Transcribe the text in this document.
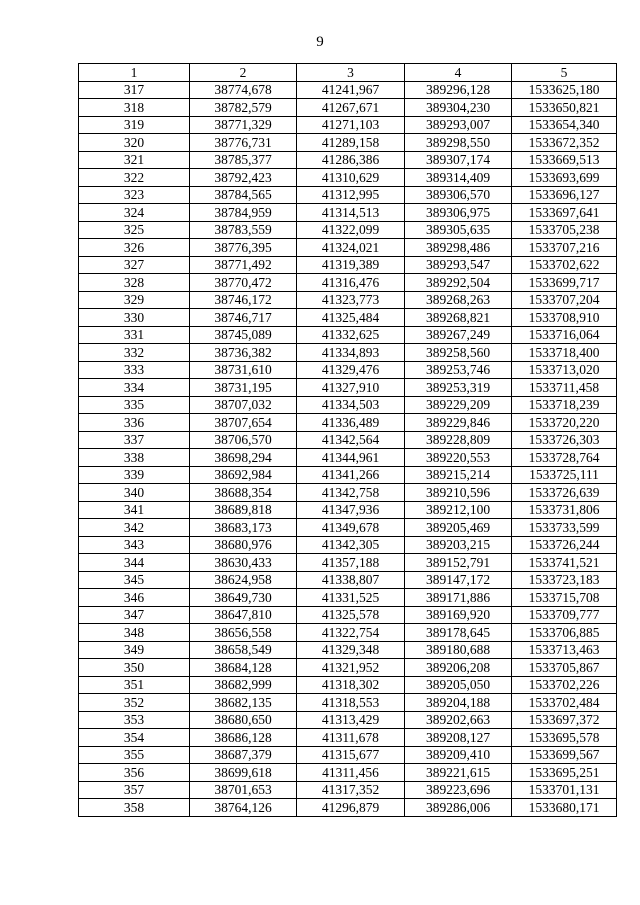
9
1	2	3	4	5
317	38774,678	41241,967	389296,128	1533625,180
318	38782,579	41267,671	389304,230	1533650,821
319	38771,329	41271,103	389293,007	1533654,340
320	38776,731	41289,158	389298,550	1533672,352
321	38785,377	41286,386	389307,174	1533669,513
322	38792,423	41310,629	389314,409	1533693,699
323	38784,565	41312,995	389306,570	1533696,127
324	38784,959	41314,513	389306,975	1533697,641
325	38783,559	41322,099	389305,635	1533705,238
326	38776,395	41324,021	389298,486	1533707,216
327	38771,492	41319,389	389293,547	1533702,622
328	38770,472	41316,476	389292,504	1533699,717
329	38746,172	41323,773	389268,263	1533707,204
330	38746,717	41325,484	389268,821	1533708,910
331	38745,089	41332,625	389267,249	1533716,064
332	38736,382	41334,893	389258,560	1533718,400
333	38731,610	41329,476	389253,746	1533713,020
334	38731,195	41327,910	389253,319	1533711,458
335	38707,032	41334,503	389229,209	1533718,239
336	38707,654	41336,489	389229,846	1533720,220
337	38706,570	41342,564	389228,809	1533726,303
338	38698,294	41344,961	389220,553	1533728,764
339	38692,984	41341,266	389215,214	1533725,111
340	38688,354	41342,758	389210,596	1533726,639
341	38689,818	41347,936	389212,100	1533731,806
342	38683,173	41349,678	389205,469	1533733,599
343	38680,976	41342,305	389203,215	1533726,244
344	38630,433	41357,188	389152,791	1533741,521
345	38624,958	41338,807	389147,172	1533723,183
346	38649,730	41331,525	389171,886	1533715,708
347	38647,810	41325,578	389169,920	1533709,777
348	38656,558	41322,754	389178,645	1533706,885
349	38658,549	41329,348	389180,688	1533713,463
350	38684,128	41321,952	389206,208	1533705,867
351	38682,999	41318,302	389205,050	1533702,226
352	38682,135	41318,553	389204,188	1533702,484
353	38680,650	41313,429	389202,663	1533697,372
354	38686,128	41311,678	389208,127	1533695,578
355	38687,379	41315,677	389209,410	1533699,567
356	38699,618	41311,456	389221,615	1533695,251
357	38701,653	41317,352	389223,696	1533701,131
358	38764,126	41296,879	389286,006	1533680,171
